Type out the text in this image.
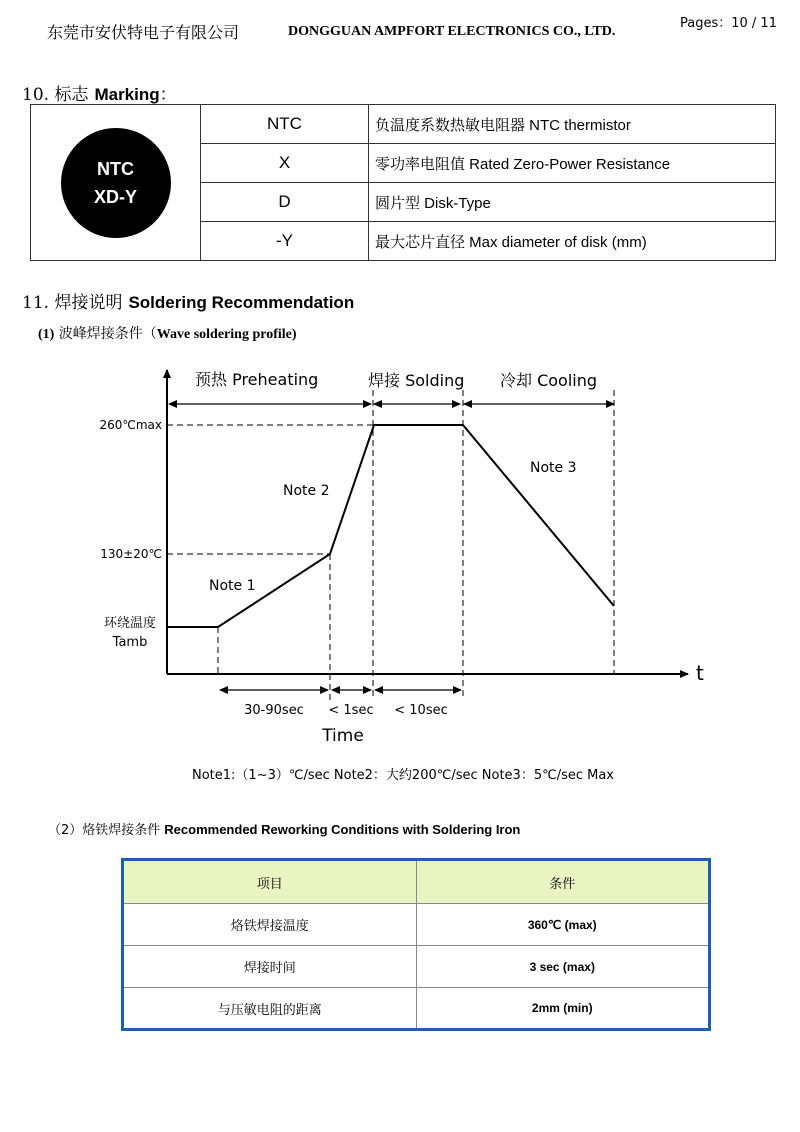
东莞市安伏特电子有限公司	DONGGUAN AMPFORT ELECTRONICS CO., LTD.
Pages：10 / 11
10. 标志 Marking：
NTC
XD-Y	NTC	负温度系数热敏电阻器 NTC thermistor
	X	零功率电阻值 Rated Zero-Power Resistance
	D	圆片型 Disk-Type
	-Y	最大芯片直径 Max diameter of disk (mm)
11. 焊接说明 Soldering Recommendation
(1) 波峰焊接条件（Wave soldering profile)
预热 Preheating	焊接 Solding 冷却 Cooling
260℃max
130±20℃
环绕温度
Tamb
Note 1
Note 2
Note 3
t
30-90sec < 1sec < 10sec
Time
Note1:（1~3）℃/sec Note2：大约200℃/sec Note3：5℃/sec Max
（2）烙铁焊接条件 Recommended Reworking Conditions with Soldering Iron
项目	条件
烙铁焊接温度	360℃ (max)
焊接时间	3 sec (max)
与压敏电阻的距离	2mm (min)
